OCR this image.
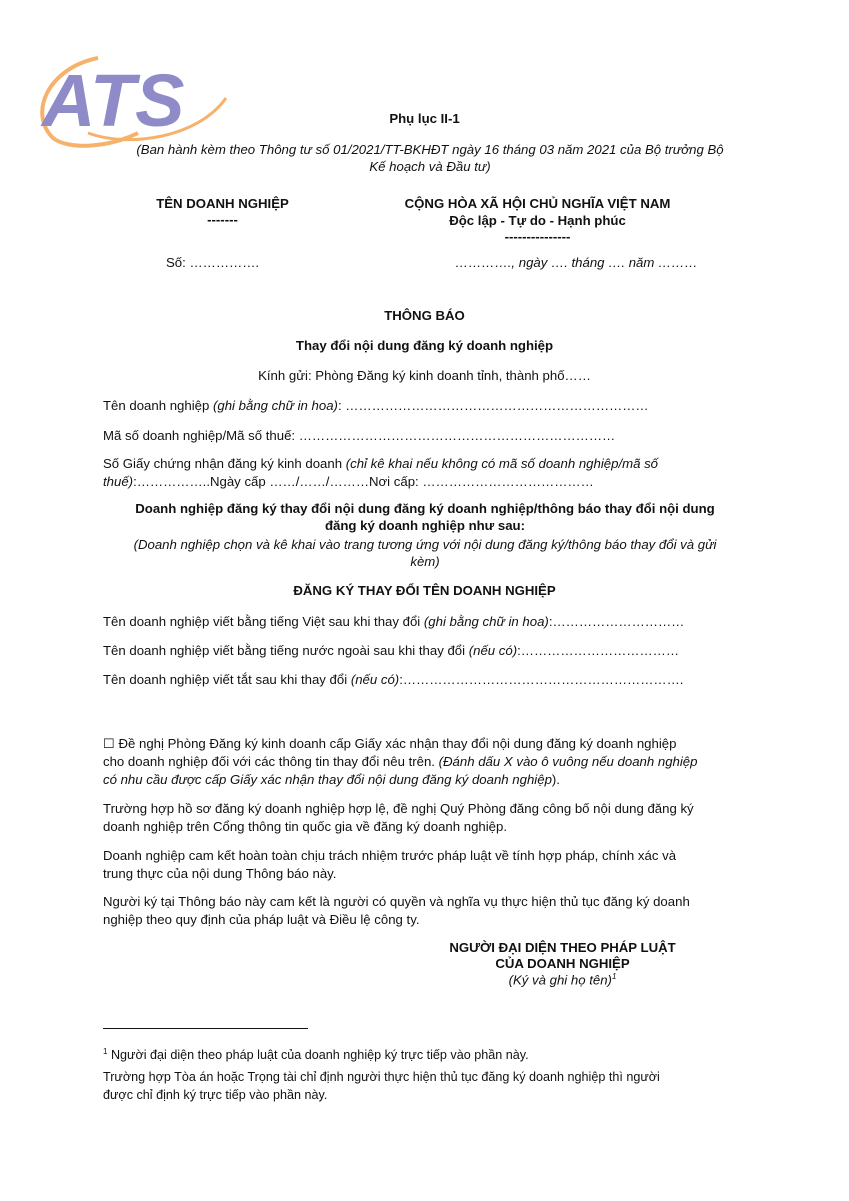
ATS	Phụ lục II-1
(Ban hành kèm theo Thông tư số 01/2021/TT-BKHĐT ngày 16 tháng 03 năm 2021 của Bộ trưởng Bộ
Kế hoạch và Đầu tư)
TÊN DOANH NGHIỆP
-------
Số: …………….
CỘNG HÒA XÃ HỘI CHỦ NGHĨA VIỆT NAM
Độc lập - Tự do - Hạnh phúc
---------------
…………., ngày …. tháng …. năm ………
THÔNG BÁO
Thay đổi nội dung đăng ký doanh nghiệp
Kính gửi: Phòng Đăng ký kinh doanh tỉnh, thành phố……
Tên doanh nghiệp (ghi bằng chữ in hoa): ……………………………………………………………
Mã số doanh nghiệp/Mã số thuế: ………………………………………………………………
Số Giấy chứng nhận đăng ký kinh doanh (chỉ kê khai nếu không có mã số doanh nghiệp/mã số
thuế):……………..Ngày cấp ……/……/………Nơi cấp: …………………………………
Doanh nghiệp đăng ký thay đổi nội dung đăng ký doanh nghiệp/thông báo thay đổi nội dung
đăng ký doanh nghiệp như sau:
(Doanh nghiệp chọn và kê khai vào trang tương ứng với nội dung đăng ký/thông báo thay đổi và gửi
kèm)
ĐĂNG KÝ THAY ĐỔI TÊN DOANH NGHIỆP
Tên doanh nghiệp viết bằng tiếng Việt sau khi thay đổi (ghi bằng chữ in hoa):…………………………
Tên doanh nghiệp viết bằng tiếng nước ngoài sau khi thay đổi (nếu có):………………………………
Tên doanh nghiệp viết tắt sau khi thay đổi (nếu có):……………………………………………………….
☐ Đề nghị Phòng Đăng ký kinh doanh cấp Giấy xác nhận thay đổi nội dung đăng ký doanh nghiệp
cho doanh nghiệp đối với các thông tin thay đổi nêu trên. (Đánh dấu X vào ô vuông nếu doanh nghiệp
có nhu cầu được cấp Giấy xác nhận thay đổi nội dung đăng ký doanh nghiệp).
Trường hợp hồ sơ đăng ký doanh nghiệp hợp lệ, đề nghị Quý Phòng đăng công bố nội dung đăng ký
doanh nghiệp trên Cổng thông tin quốc gia về đăng ký doanh nghiệp.
Doanh nghiệp cam kết hoàn toàn chịu trách nhiệm trước pháp luật về tính hợp pháp, chính xác và
trung thực của nội dung Thông báo này.
Người ký tại Thông báo này cam kết là người có quyền và nghĩa vụ thực hiện thủ tục đăng ký doanh
nghiệp theo quy định của pháp luật và Điều lệ công ty.
NGƯỜI ĐẠI DIỆN THEO PHÁP LUẬT
CỦA DOANH NGHIỆP
(Ký và ghi họ tên)$^1$
$^1$ Người đại diện theo pháp luật của doanh nghiệp ký trực tiếp vào phần này.
Trường hợp Tòa án hoặc Trọng tài chỉ định người thực hiện thủ tục đăng ký doanh nghiệp thì người
được chỉ định ký trực tiếp vào phần này.
